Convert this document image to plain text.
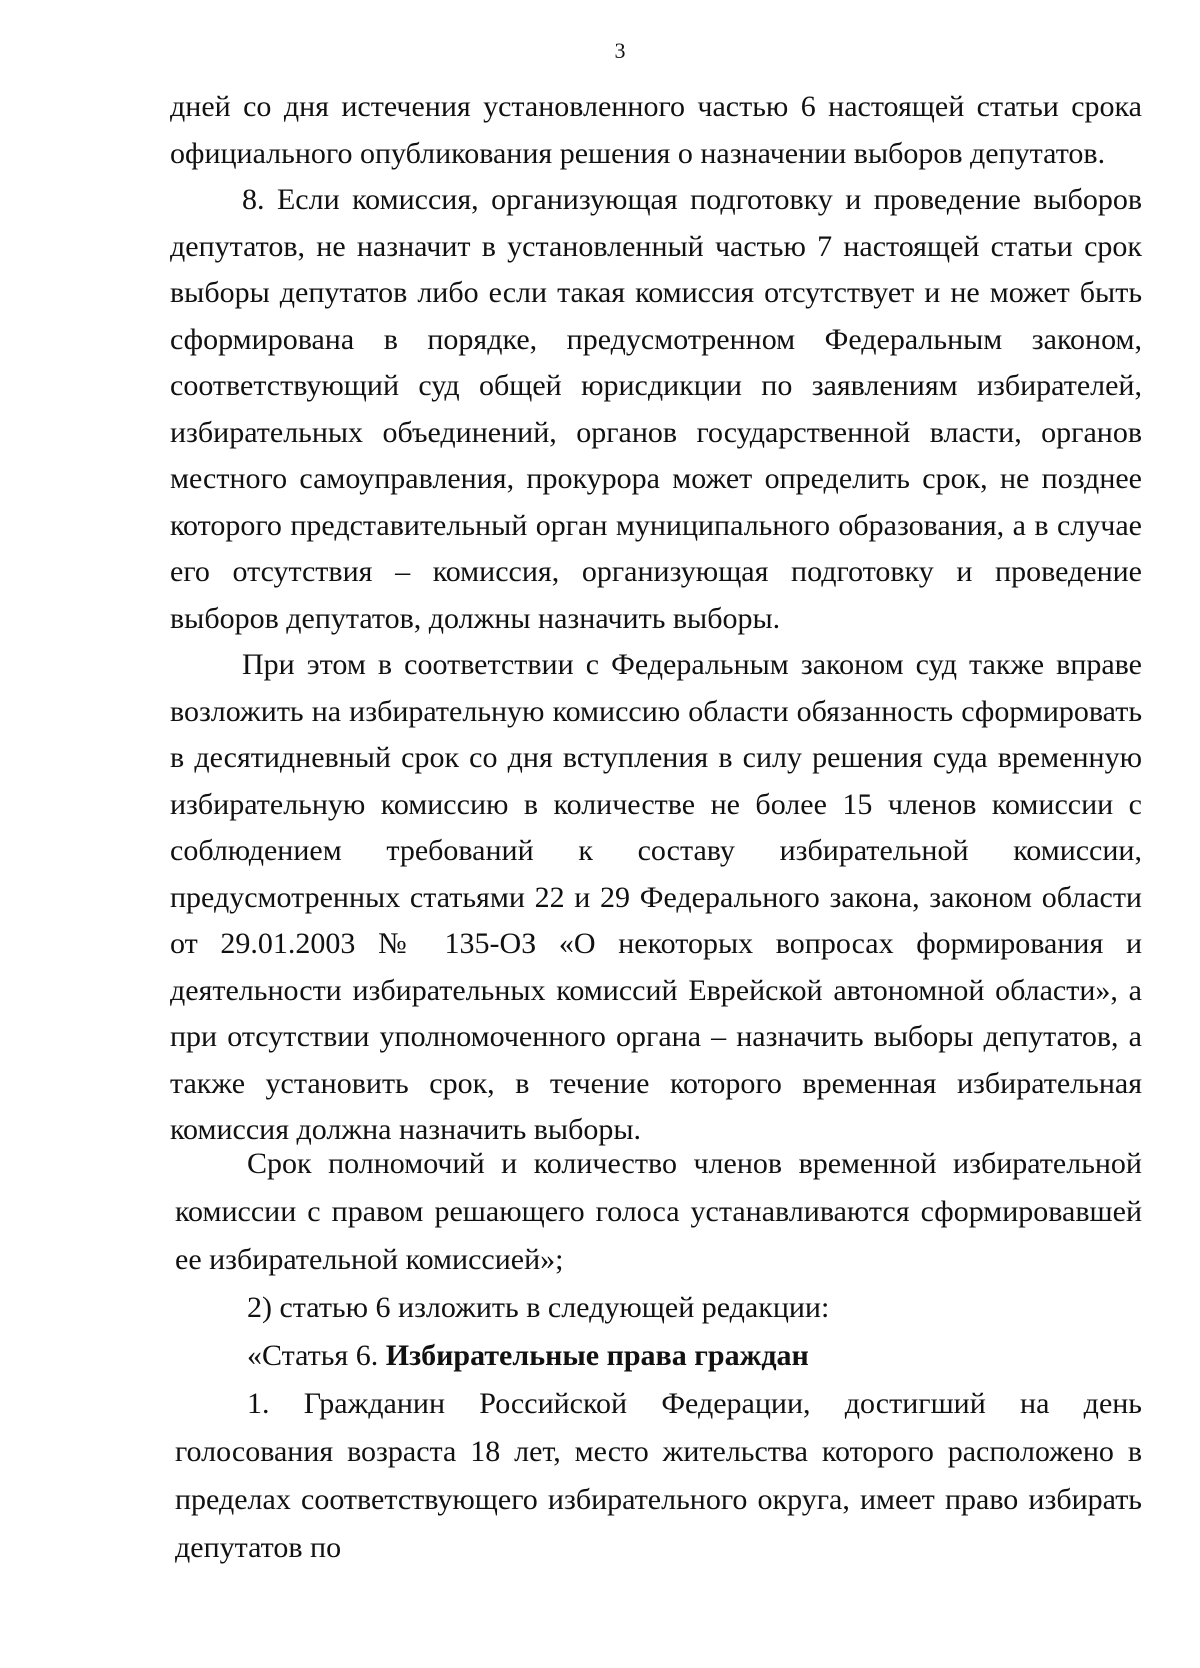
3

дней со дня истечения установленного частью 6 настоящей статьи срока официального опубликования решения о назначении выборов депутатов.

8. Если комиссия, организующая подготовку и проведение выборов депутатов, не назначит в установленный частью 7 настоящей статьи срок выборы депутатов либо если такая комиссия отсутствует и не может быть сформирована в порядке, предусмотренном Федеральным законом, соответствующий суд общей юрисдикции по заявлениям избирателей, избирательных объединений, органов государственной власти, органов местного самоуправления, прокурора может определить срок, не позднее которого представительный орган муниципального образования, а в случае его отсутствия – комиссия, организующая подготовку и проведение выборов депутатов, должны назначить выборы.

При этом в соответствии с Федеральным законом суд также вправе возложить на избирательную комиссию области обязанность сформировать в десятидневный срок со дня вступления в силу решения суда временную избирательную комиссию в количестве не более 15 членов комиссии с соблюдением требований к составу избирательной комиссии, предусмотренных статьями 22 и 29 Федерального закона, законом области от 29.01.2003 № 135-ОЗ «О некоторых вопросах формирования и деятельности избирательных комиссий Еврейской автономной области», а при отсутствии уполномоченного органа – назначить выборы депутатов, а также установить срок, в течение которого временная избирательная комиссия должна назначить выборы.

Срок полномочий и количество членов временной избирательной комиссии с правом решающего голоса устанавливаются сформировавшей ее избирательной комиссией»;

2) статью 6 изложить в следующей редакции:

«Статья 6. Избирательные права граждан

1. Гражданин Российской Федерации, достигший на день голосования возраста 18 лет, место жительства которого расположено в пределах соответствующего избирательного округа, имеет право избирать депутатов по
